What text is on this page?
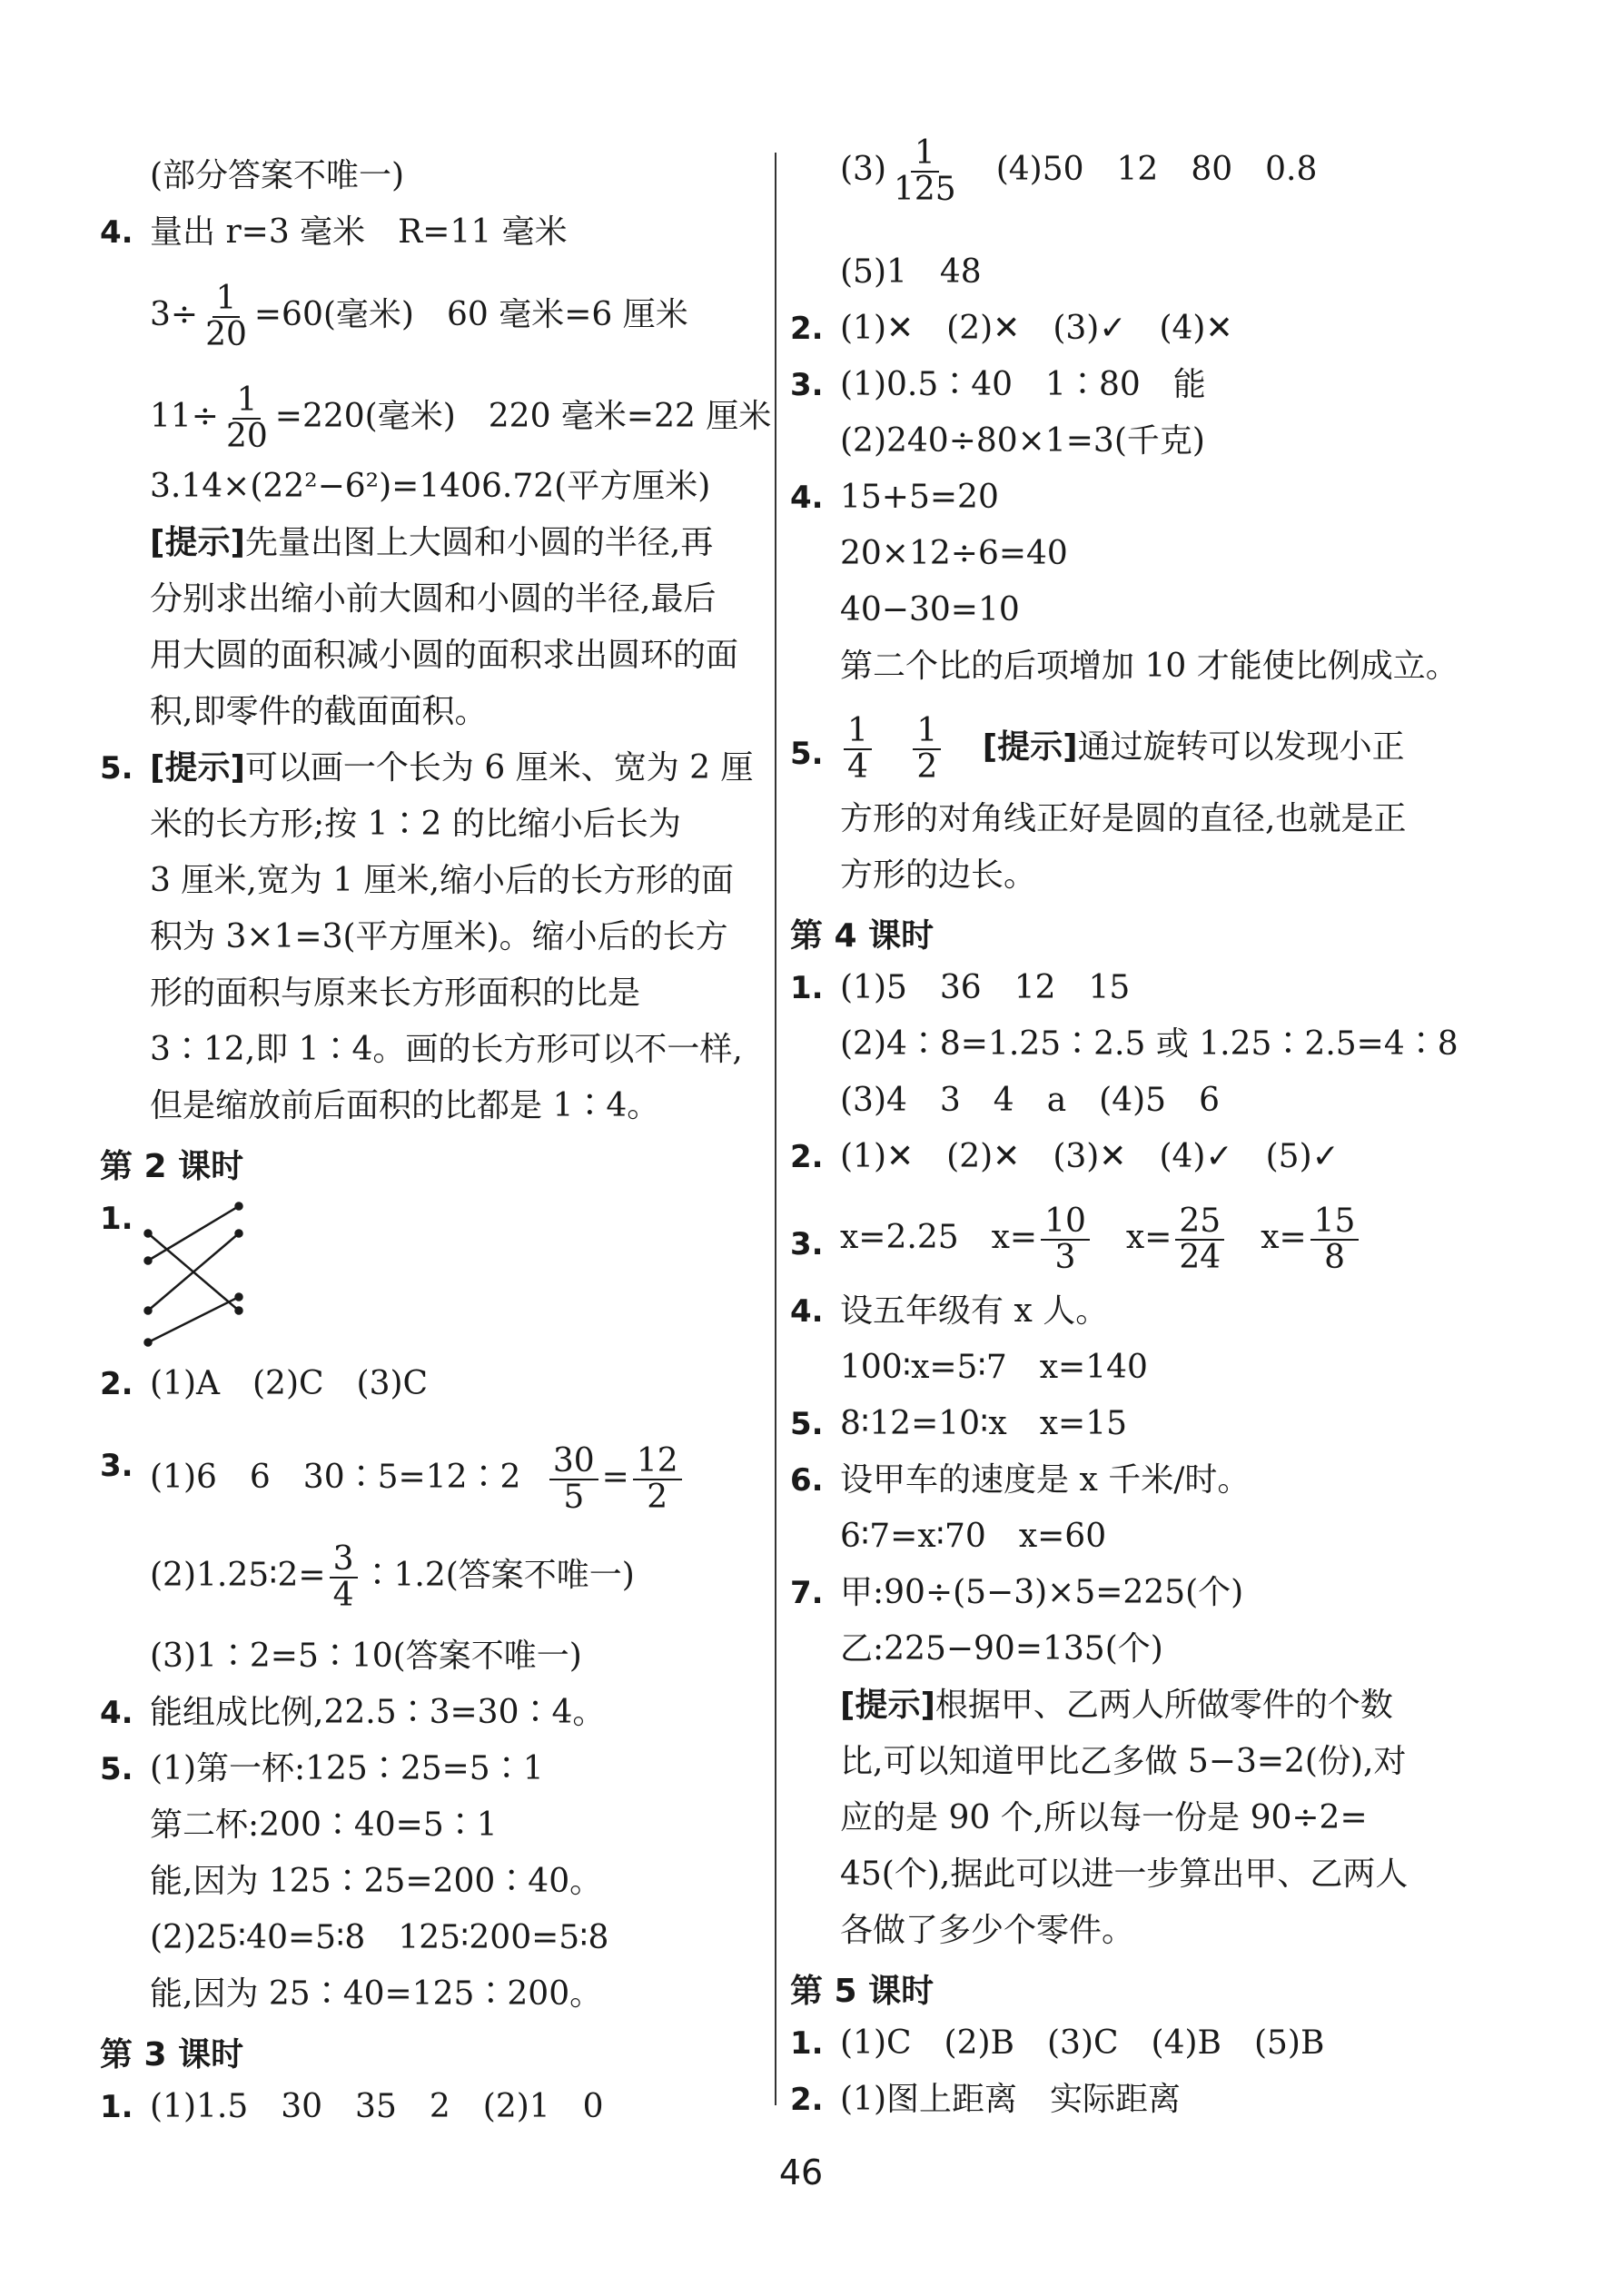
(部分答案不唯一)
4. 量出 r=3 毫米　R=11 毫米
$3\div \frac{1}{20} =60$(毫米)　60 毫米=6 厘米
$11\div \frac{1}{20} =220$(毫米)　220 毫米=22 厘米
3.14×(22²−6²)=1406.72(平方厘米)
[提示]先量出图上大圆和小圆的半径,再
分别求出缩小前大圆和小圆的半径,最后
用大圆的面积减小圆的面积求出圆环的面
积,即零件的截面面积。
5. [提示]可以画一个长为 6 厘米、宽为 2 厘
米的长方形;按 1∶2 的比缩小后长为
3 厘米,宽为 1 厘米,缩小后的长方形的面
积为 3×1=3(平方厘米)。缩小后的长方
形的面积与原来长方形面积的比是
3∶12,即 1∶4。画的长方形可以不一样,
但是缩放前后面积的比都是 1∶4。
第 2 课时
1.
2. (1)A　(2)C　(3)C
3. (1)6　6　30∶5=12∶2 $\frac{30}{5} = \frac{12}{2}$
(2)1.25∶2= $\frac{3}{4}$ ∶1.2(答案不唯一)
(3)1∶2=5∶10(答案不唯一)
4. 能组成比例,22.5∶3=30∶4。
5. (1)第一杯:125∶25=5∶1
第二杯:200∶40=5∶1
能,因为 125∶25=200∶40。
(2)25∶40=5∶8　125∶200=5∶8
能,因为 25∶40=125∶200。
第 3 课时
1. (1)1.5　30　35　2　(2)1　0
$(3) \frac{1}{125}$ 　(4)50　12　80　0.8
(5)1　48
2. (1)✕　(2)✕　(3)✓　(4)✕
3. (1)0.5∶40　1∶80　能
(2)240÷80×1=3(千克)
4. 15+5=20
20×12÷6=40
40−30=10
第二个比的后项增加 10 才能使比例成立。
5. $\frac{1}{4}$
$\frac{1}{2}$ [提示]通过旋转可以发现小正
方形的对角线正好是圆的直径,也就是正
方形的边长。
第 4 课时
1. (1)5　36　12　15
(2)4∶8=1.25∶2.5 或 1.25∶2.5=4∶8
(3)4　3　4　a　(4)5　6
2. (1)✕　(2)✕　(3)✕　(4)✓　(5)✓
3. x=2.25　$x= \frac{10}{3}$ 　$x= \frac{25}{24}$ 　$x= \frac{15}{8}$
4. 设五年级有 x 人。
100∶x=5∶7　x=140
5. 8∶12=10∶x　x=15
6. 设甲车的速度是 x 千米/时。
6∶7=x∶70　x=60
7. 甲:90÷(5−3)×5=225(个)
乙:225−90=135(个)
[提示]根据甲、乙两人所做零件的个数
比,可以知道甲比乙多做 5−3=2(份),对
应的是 90 个,所以每一份是 90÷2=
45(个),据此可以进一步算出甲、乙两人
各做了多少个零件。
第 5 课时
1. (1)C　(2)B　(3)C　(4)B　(5)B
2. (1)图上距离　实际距离
46
